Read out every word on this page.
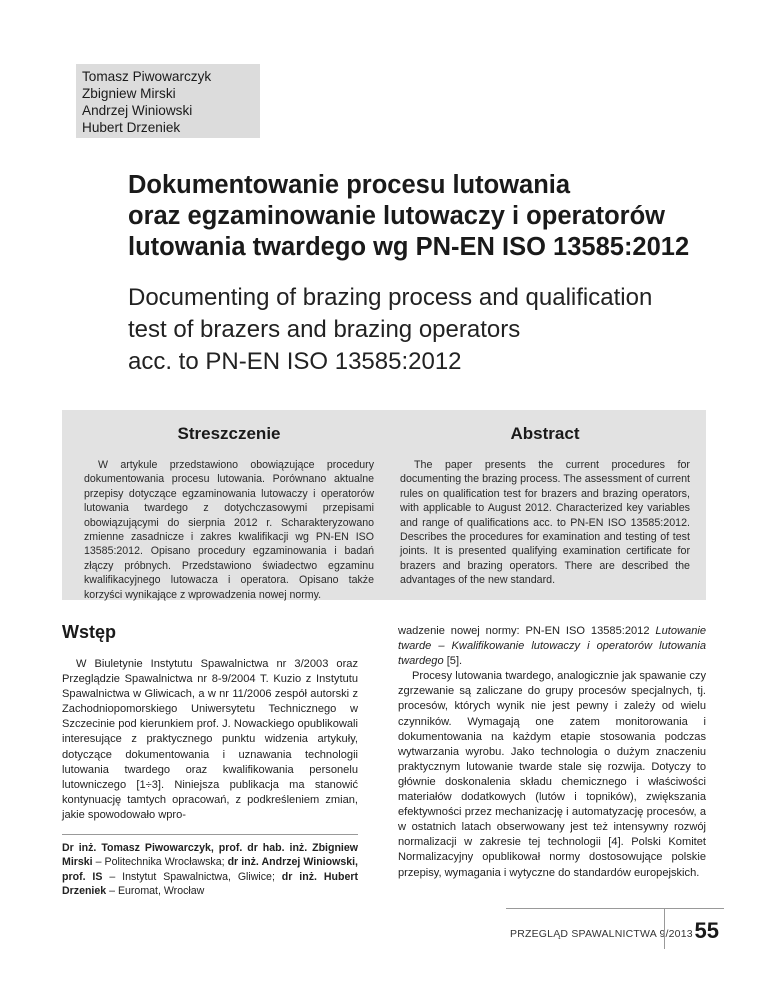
Tomasz Piwowarczyk
Zbigniew Mirski
Andrzej Winiowski
Hubert Drzeniek
Dokumentowanie procesu lutowania
oraz egzaminowanie lutowaczy i operatorów
lutowania twardego wg PN-EN ISO 13585:2012
Documenting of brazing process and qualification
test of brazers and brazing operators
acc. to PN-EN ISO 13585:2012
Streszczenie
W artykule przedstawiono obowiązujące procedury dokumentowania procesu lutowania. Porównano aktualne przepisy dotyczące egzaminowania lutowaczy i operatorów lutowania twardego z dotychczasowymi przepisami obowiązującymi do sierpnia 2012 r. Scharakteryzowano zmienne zasadnicze i zakres kwalifikacji wg PN-EN ISO 13585:2012. Opisano procedury egzaminowania i badań złączy próbnych. Przedstawiono świadectwo egzaminu kwalifikacyjnego lutowacza i operatora. Opisano także korzyści wynikające z wprowadzenia nowej normy.
Abstract
The paper presents the current procedures for documenting the brazing process. The assessment of current rules on qualification test for brazers and brazing operators, with applicable to August 2012. Characterized key variables and range of qualifications acc. to PN-EN ISO 13585:2012. Describes the procedures for examination and testing of test joints. It is presented qualifying examination certificate for brazers and brazing operators. There are described the advantages of the new standard.
Wstęp
W Biuletynie Instytutu Spawalnictwa nr 3/2003 oraz Przeglądzie Spawalnictwa nr 8-9/2004 T. Kuzio z Instytutu Spawalnictwa w Gliwicach, a w nr 11/2006 zespół autorski z Zachodniopomorskiego Uniwersytetu Technicznego w Szczecinie pod kierunkiem prof. J. Nowackiego opublikowali interesujące z praktycznego punktu widzenia artykuły, dotyczące dokumentowania i uznawania technologii lutowania twardego oraz kwalifikowania personelu lutowniczego [1÷3]. Niniejsza publikacja ma stanowić kontynuację tamtych opracowań, z podkreśleniem zmian, jakie spowodowało wpro-
Dr inż. Tomasz Piwowarczyk, prof. dr hab. inż. Zbigniew Mirski – Politechnika Wrocławska; dr inż. Andrzej Winiowski, prof. IS – Instytut Spawalnictwa, Gliwice; dr inż. Hubert Drzeniek – Euromat, Wrocław
wadzenie nowej normy: PN-EN ISO 13585:2012 Lutowanie twarde – Kwalifikowanie lutowaczy i operatorów lutowania twardego [5].
Procesy lutowania twardego, analogicznie jak spawanie czy zgrzewanie są zaliczane do grupy procesów specjalnych, tj. procesów, których wynik nie jest pewny i zależy od wielu czynników. Wymagają one zatem monitorowania i dokumentowania na każdym etapie stosowania podczas wytwarzania wyrobu. Jako technologia o dużym znaczeniu praktycznym lutowanie twarde stale się rozwija. Dotyczy to głównie doskonalenia składu chemicznego i właściwości materiałów dodatkowych (lutów i topników), zwiększania efektywności przez mechanizację i automatyzację procesów, a w ostatnich latach obserwowany jest też intensywny rozwój normalizacji w zakresie tej technologii [4]. Polski Komitet Normalizacyjny opublikował normy dostosowujące polskie przepisy, wymagania i wytyczne do standardów europejskich.
PRZEGLĄD SPAWALNICTWA 9/2013 55
